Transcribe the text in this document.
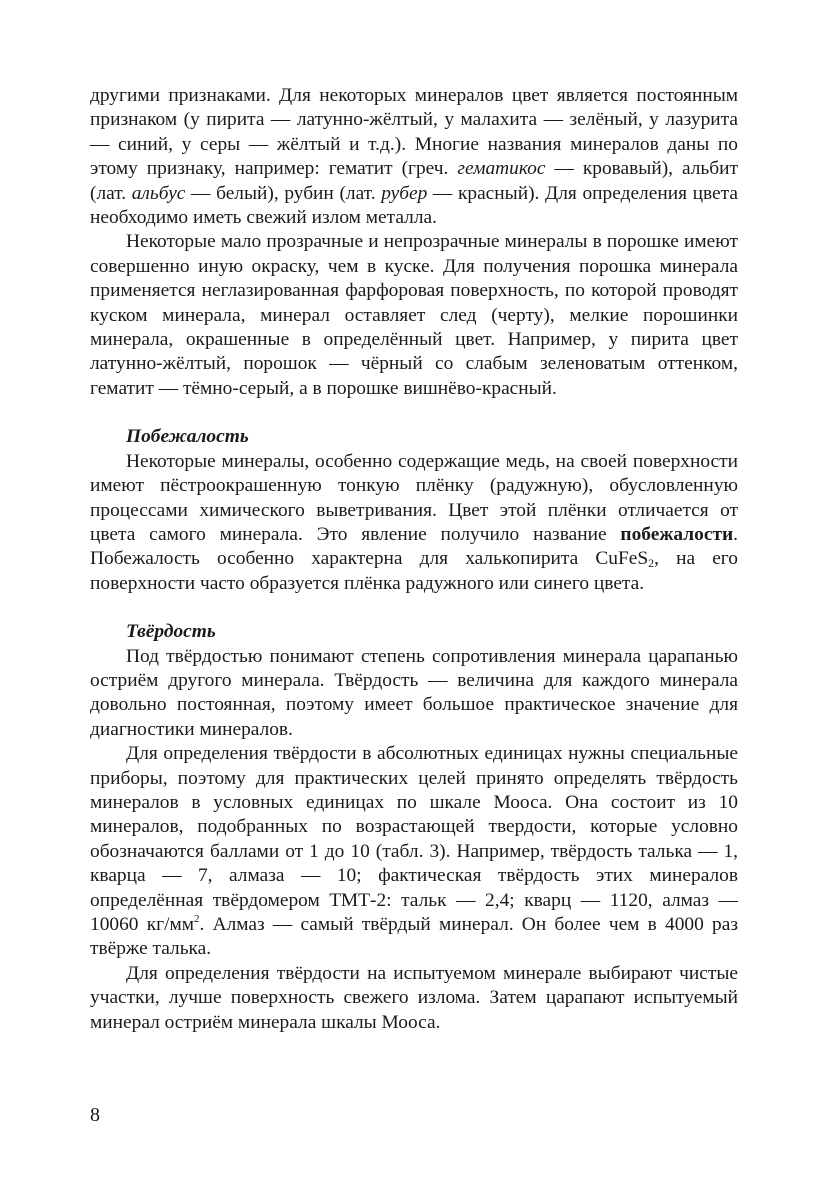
другими признаками. Для некоторых минералов цвет является постоянным признаком (у пирита — латунно-жёлтый, у малахита — зелёный, у лазурита — синий, у серы — жёлтый и т.д.). Многие названия минералов даны по этому признаку, например: гематит (греч. гематикос — кровавый), альбит (лат. альбус — белый), рубин (лат. рубер — красный). Для определения цвета необходимо иметь свежий излом металла.

Некоторые мало прозрачные и непрозрачные минералы в порошке имеют совершенно иную окраску, чем в куске. Для получения порошка минерала применяется неглазированная фарфоровая поверхность, по которой проводят куском минерала, минерал оставляет след (черту), мелкие порошинки минерала, окрашенные в определённый цвет. Например, у пирита цвет латунно-жёлтый, порошок — чёрный со слабым зеленоватым оттенком, гематит — тёмно-серый, а в порошке вишнёво-красный.

Побежалость

Некоторые минералы, особенно содержащие медь, на своей поверхности имеют пёстроокрашенную тонкую плёнку (радужную), обусловленную процессами химического выветривания. Цвет этой плёнки отличается от цвета самого минерала. Это явление получило название побежалости. Побежалость особенно характерна для халькопирита CuFeS$_2$, на его поверхности часто образуется плёнка радужного или синего цвета.

Твёрдость

Под твёрдостью понимают степень сопротивления минерала царапанью остриём другого минерала. Твёрдость — величина для каждого минерала довольно постоянная, поэтому имеет большое практическое значение для диагностики минералов.

Для определения твёрдости в абсолютных единицах нужны специальные приборы, поэтому для практических целей принято определять твёрдость минералов в условных единицах по шкале Мооса. Она состоит из 10 минералов, подобранных по возрастающей твердости, которые условно обозначаются баллами от 1 до 10 (табл. 3). Например, твёрдость талька — 1, кварца — 7, алмаза — 10; фактическая твёрдость этих минералов определённая твёрдомером ТМТ-2: тальк — 2,4; кварц — 1120, алмаз — 10060 $кг/мм^2$. Алмаз — самый твёрдый минерал. Он более чем в 4000 раз твёрже талька.

Для определения твёрдости на испытуемом минерале выбирают чистые участки, лучше поверхность свежего излома. Затем царапают испытуемый минерал остриём минерала шкалы Мооса.

8
